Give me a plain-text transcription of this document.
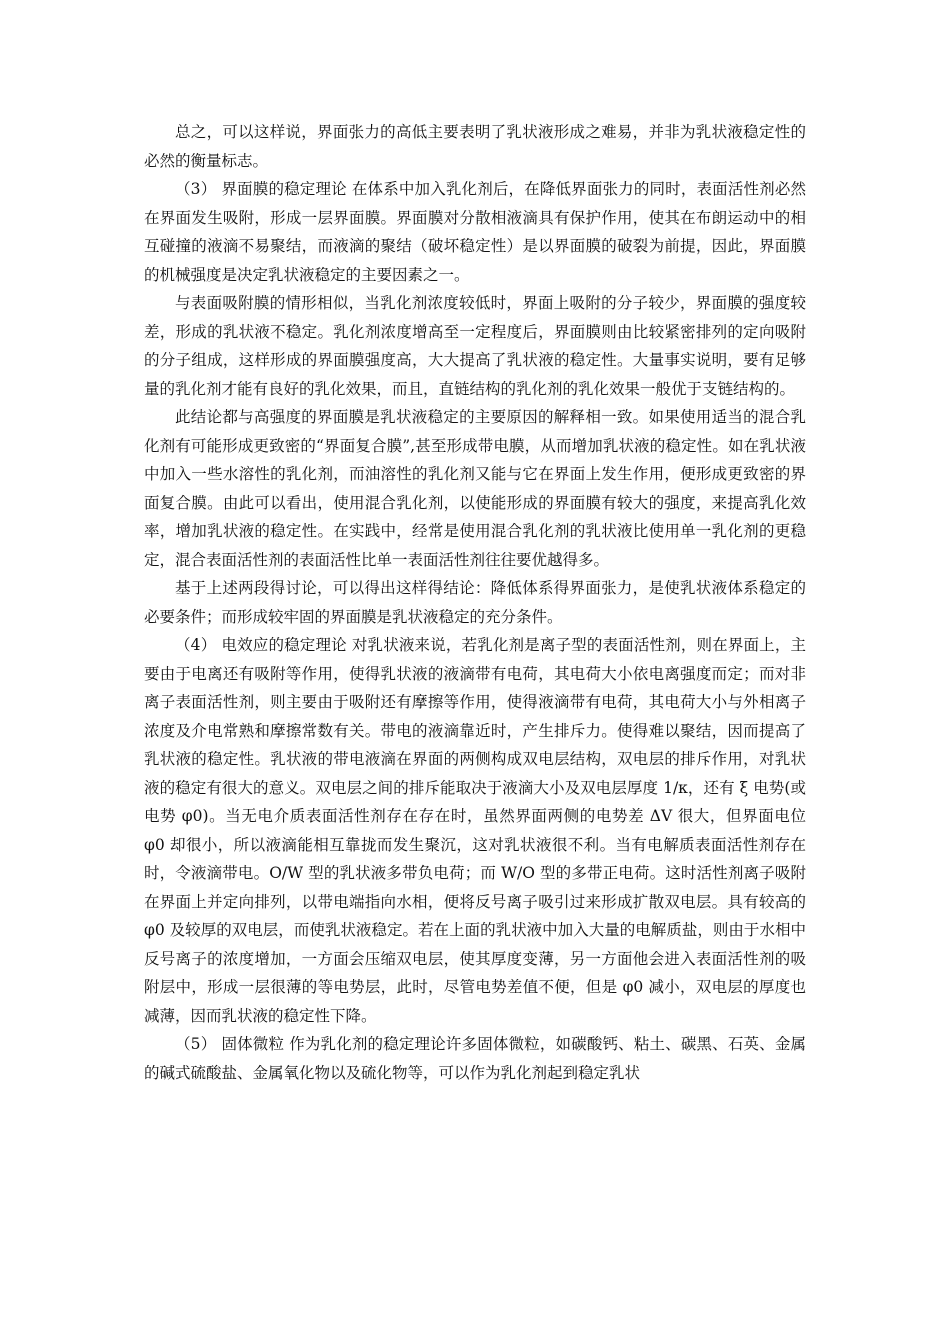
总之，可以这样说，界面张力的高低主要表明了乳状液形成之难易，并非为乳状液稳定性的必然的衡量标志。

（3） 界面膜的稳定理论 在体系中加入乳化剂后，在降低界面张力的同时，表面活性剂必然在界面发生吸附，形成一层界面膜。界面膜对分散相液滴具有保护作用，使其在布朗运动中的相互碰撞的液滴不易聚结，而液滴的聚结（破坏稳定性）是以界面膜的破裂为前提，因此，界面膜的机械强度是决定乳状液稳定的主要因素之一。

与表面吸附膜的情形相似，当乳化剂浓度较低时，界面上吸附的分子较少，界面膜的强度较差，形成的乳状液不稳定。乳化剂浓度增高至一定程度后，界面膜则由比较紧密排列的定向吸附的分子组成，这样形成的界面膜强度高，大大提高了乳状液的稳定性。大量事实说明，要有足够量的乳化剂才能有良好的乳化效果，而且，直链结构的乳化剂的乳化效果一般优于支链结构的。

此结论都与高强度的界面膜是乳状液稳定的主要原因的解释相一致。如果使用适当的混合乳化剂有可能形成更致密的“界面复合膜”,甚至形成带电膜，从而增加乳状液的稳定性。如在乳状液中加入一些水溶性的乳化剂，而油溶性的乳化剂又能与它在界面上发生作用，便形成更致密的界面复合膜。由此可以看出，使用混合乳化剂，以使能形成的界面膜有较大的强度，来提高乳化效率，增加乳状液的稳定性。在实践中，经常是使用混合乳化剂的乳状液比使用单一乳化剂的更稳定，混合表面活性剂的表面活性比单一表面活性剂往往要优越得多。

基于上述两段得讨论，可以得出这样得结论：降低体系得界面张力，是使乳状液体系稳定的必要条件；而形成较牢固的界面膜是乳状液稳定的充分条件。

（4） 电效应的稳定理论 对乳状液来说，若乳化剂是离子型的表面活性剂，则在界面上，主要由于电离还有吸附等作用，使得乳状液的液滴带有电荷，其电荷大小依电离强度而定；而对非离子表面活性剂，则主要由于吸附还有摩擦等作用，使得液滴带有电荷，其电荷大小与外相离子浓度及介电常熟和摩擦常数有关。带电的液滴靠近时，产生排斥力。使得难以聚结，因而提高了乳状液的稳定性。乳状液的带电液滴在界面的两侧构成双电层结构，双电层的排斥作用，对乳状液的稳定有很大的意义。双电层之间的排斥能取决于液滴大小及双电层厚度 1/κ，还有 ξ 电势(或电势 φ0)。当无电介质表面活性剂存在存在时，虽然界面两侧的电势差 ΔV 很大，但界面电位 φ0 却很小，所以液滴能相互靠拢而发生聚沉，这对乳状液很不利。当有电解质表面活性剂存在时，令液滴带电。O/W 型的乳状液多带负电荷；而 W/O 型的多带正电荷。这时活性剂离子吸附在界面上并定向排列，以带电端指向水相，便将反号离子吸引过来形成扩散双电层。具有较高的 φ0 及较厚的双电层，而使乳状液稳定。若在上面的乳状液中加入大量的电解质盐，则由于水相中反号离子的浓度增加，一方面会压缩双电层，使其厚度变薄，另一方面他会进入表面活性剂的吸附层中，形成一层很薄的等电势层，此时，尽管电势差值不便，但是 φ0 减小，双电层的厚度也减薄，因而乳状液的稳定性下降。

（5） 固体微粒 作为乳化剂的稳定理论许多固体微粒，如碳酸钙、粘土、碳黑、石英、金属的碱式硫酸盐、金属氧化物以及硫化物等，可以作为乳化剂起到稳定乳状
